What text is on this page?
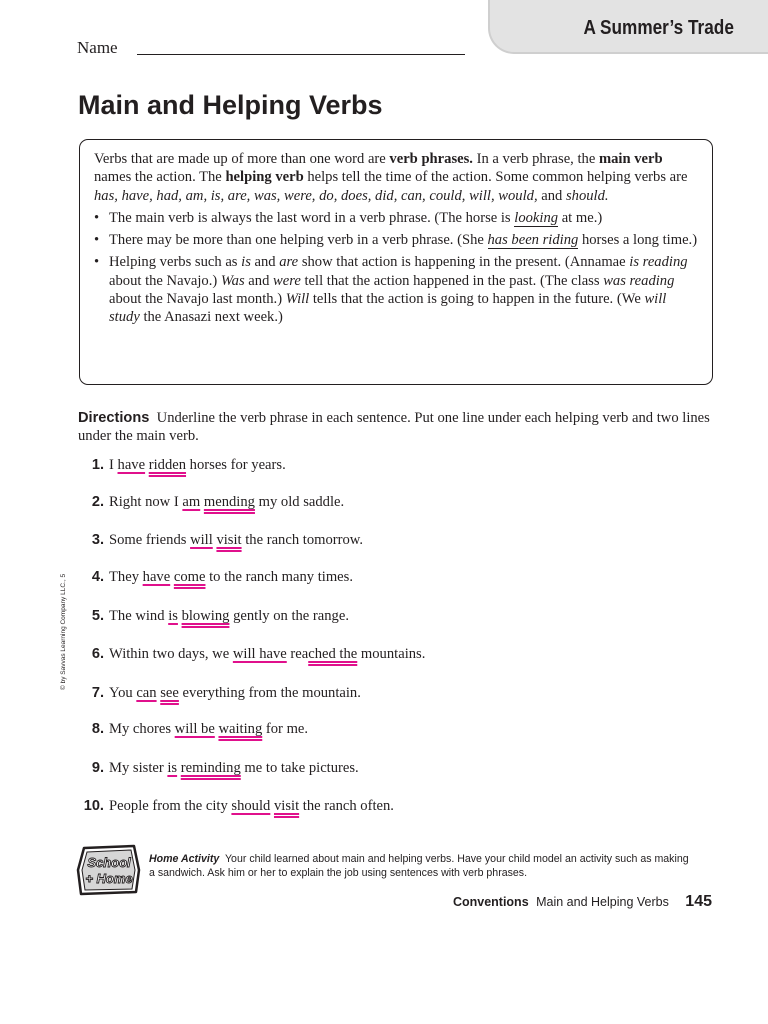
A Summer’s Trade
Name
Main and Helping Verbs

Verbs that are made up of more than one word are verb phrases. In a verb phrase, the main verb names the action. The helping verb helps tell the time of the action. Some common helping verbs are has, have, had, am, is, are, was, were, do, does, did, can, could, will, would, and should.

• The main verb is always the last word in a verb phrase. (The horse is looking at me.)
• There may be more than one helping verb in a verb phrase. (She has been riding horses a long time.)
• Helping verbs such as is and are show that action is happening in the present. (Annamae is reading about the Navajo.) Was and were tell that the action happened in the past. (The class was reading about the Navajo last month.) Will tells that the action is going to happen in the future. (We will study the Anasazi next week.)

Directions Underline the verb phrase in each sentence. Put one line under each helping verb and two lines under the main verb.

1. I have ridden horses for years.
2. Right now I am mending my old saddle.
3. Some friends will visit the ranch tomorrow.
4. They have come to the ranch many times.
5. The wind is blowing gently on the range.
6. Within two days, we will have reached the mountains.
7. You can see everything from the mountain.
8. My chores will be waiting for me.
9. My sister is reminding me to take pictures.
10. People from the city should visit the ranch often.
© by Savvas Learning Company LLC., 5
School
+ Home

Home Activity Your child learned about main and helping verbs. Have your child model an activity such as making a sandwich. Ask him or her to explain the job using sentences with verb phrases.

Conventions Main and Helping Verbs 145
